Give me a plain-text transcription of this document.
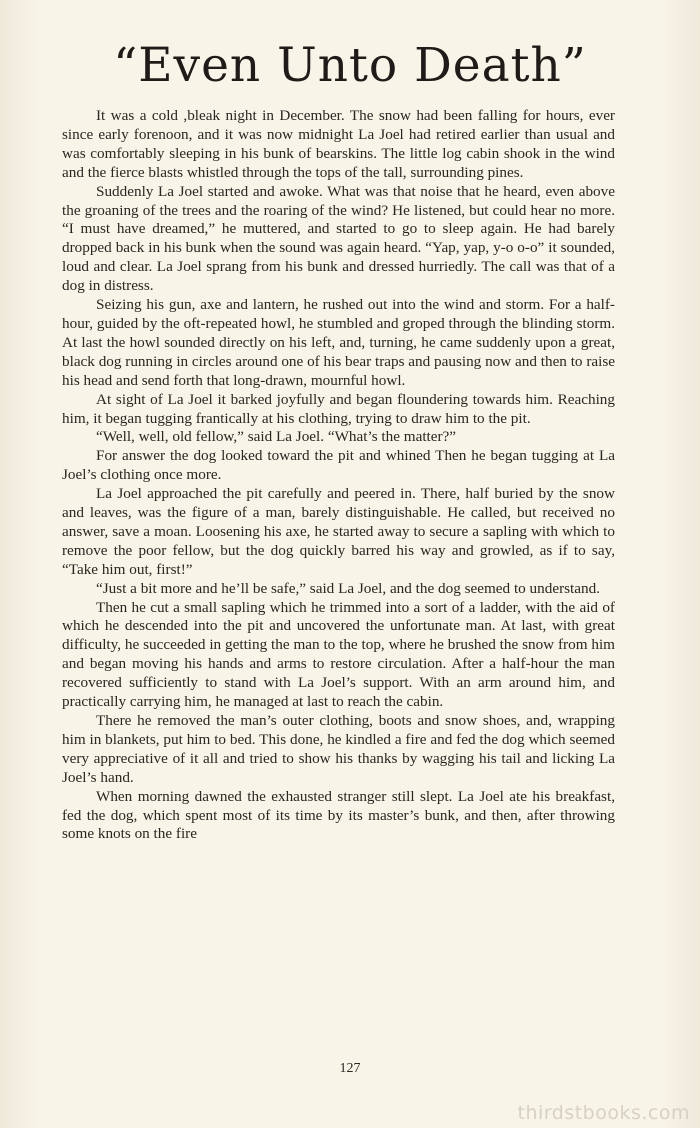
“Even Unto Death”

It was a cold ,bleak night in December. The snow had been falling for hours, ever since early forenoon, and it was now midnight La Joel had retired earlier than usual and was comfortably sleeping in his bunk of bearskins. The little log cabin shook in the wind and the fierce blasts whistled through the tops of the tall, surrounding pines.

Suddenly La Joel started and awoke. What was that noise that he heard, even above the groaning of the trees and the roaring of the wind? He listened, but could hear no more. “I must have dreamed,” he muttered, and started to go to sleep again. He had barely dropped back in his bunk when the sound was again heard. “Yap, yap, y-o o-o” it sounded, loud and clear. La Joel sprang from his bunk and dressed hurriedly. The call was that of a dog in distress.

Seizing his gun, axe and lantern, he rushed out into the wind and storm. For a half-hour, guided by the oft-repeated howl, he stumbled and groped through the blinding storm. At last the howl sounded directly on his left, and, turning, he came suddenly upon a great, black dog running in circles around one of his bear traps and pausing now and then to raise his head and send forth that long-drawn, mournful howl.

At sight of La Joel it barked joyfully and began floundering towards him. Reaching him, it began tugging frantically at his clothing, trying to draw him to the pit.

“Well, well, old fellow,” said La Joel. “What’s the matter?”

For answer the dog looked toward the pit and whined Then he began tugging at La Joel’s clothing once more.

La Joel approached the pit carefully and peered in. There, half buried by the snow and leaves, was the figure of a man, barely distinguishable. He called, but received no answer, save a moan. Loosening his axe, he started away to secure a sapling with which to remove the poor fellow, but the dog quickly barred his way and growled, as if to say, “Take him out, first!”

“Just a bit more and he’ll be safe,” said La Joel, and the dog seemed to understand.

Then he cut a small sapling which he trimmed into a sort of a ladder, with the aid of which he descended into the pit and uncovered the unfortunate man. At last, with great difficulty, he succeeded in getting the man to the top, where he brushed the snow from him and began moving his hands and arms to restore circulation. After a half-hour the man recovered sufficiently to stand with La Joel’s support. With an arm around him, and practically carrying him, he managed at last to reach the cabin.

There he removed the man’s outer clothing, boots and snow shoes, and, wrapping him in blankets, put him to bed. This done, he kindled a fire and fed the dog which seemed very appreciative of it all and tried to show his thanks by wagging his tail and licking La Joel’s hand.

When morning dawned the exhausted stranger still slept. La Joel ate his breakfast, fed the dog, which spent most of its time by its master’s bunk, and then, after throwing some knots on the fire

127
thirdstbooks.com
